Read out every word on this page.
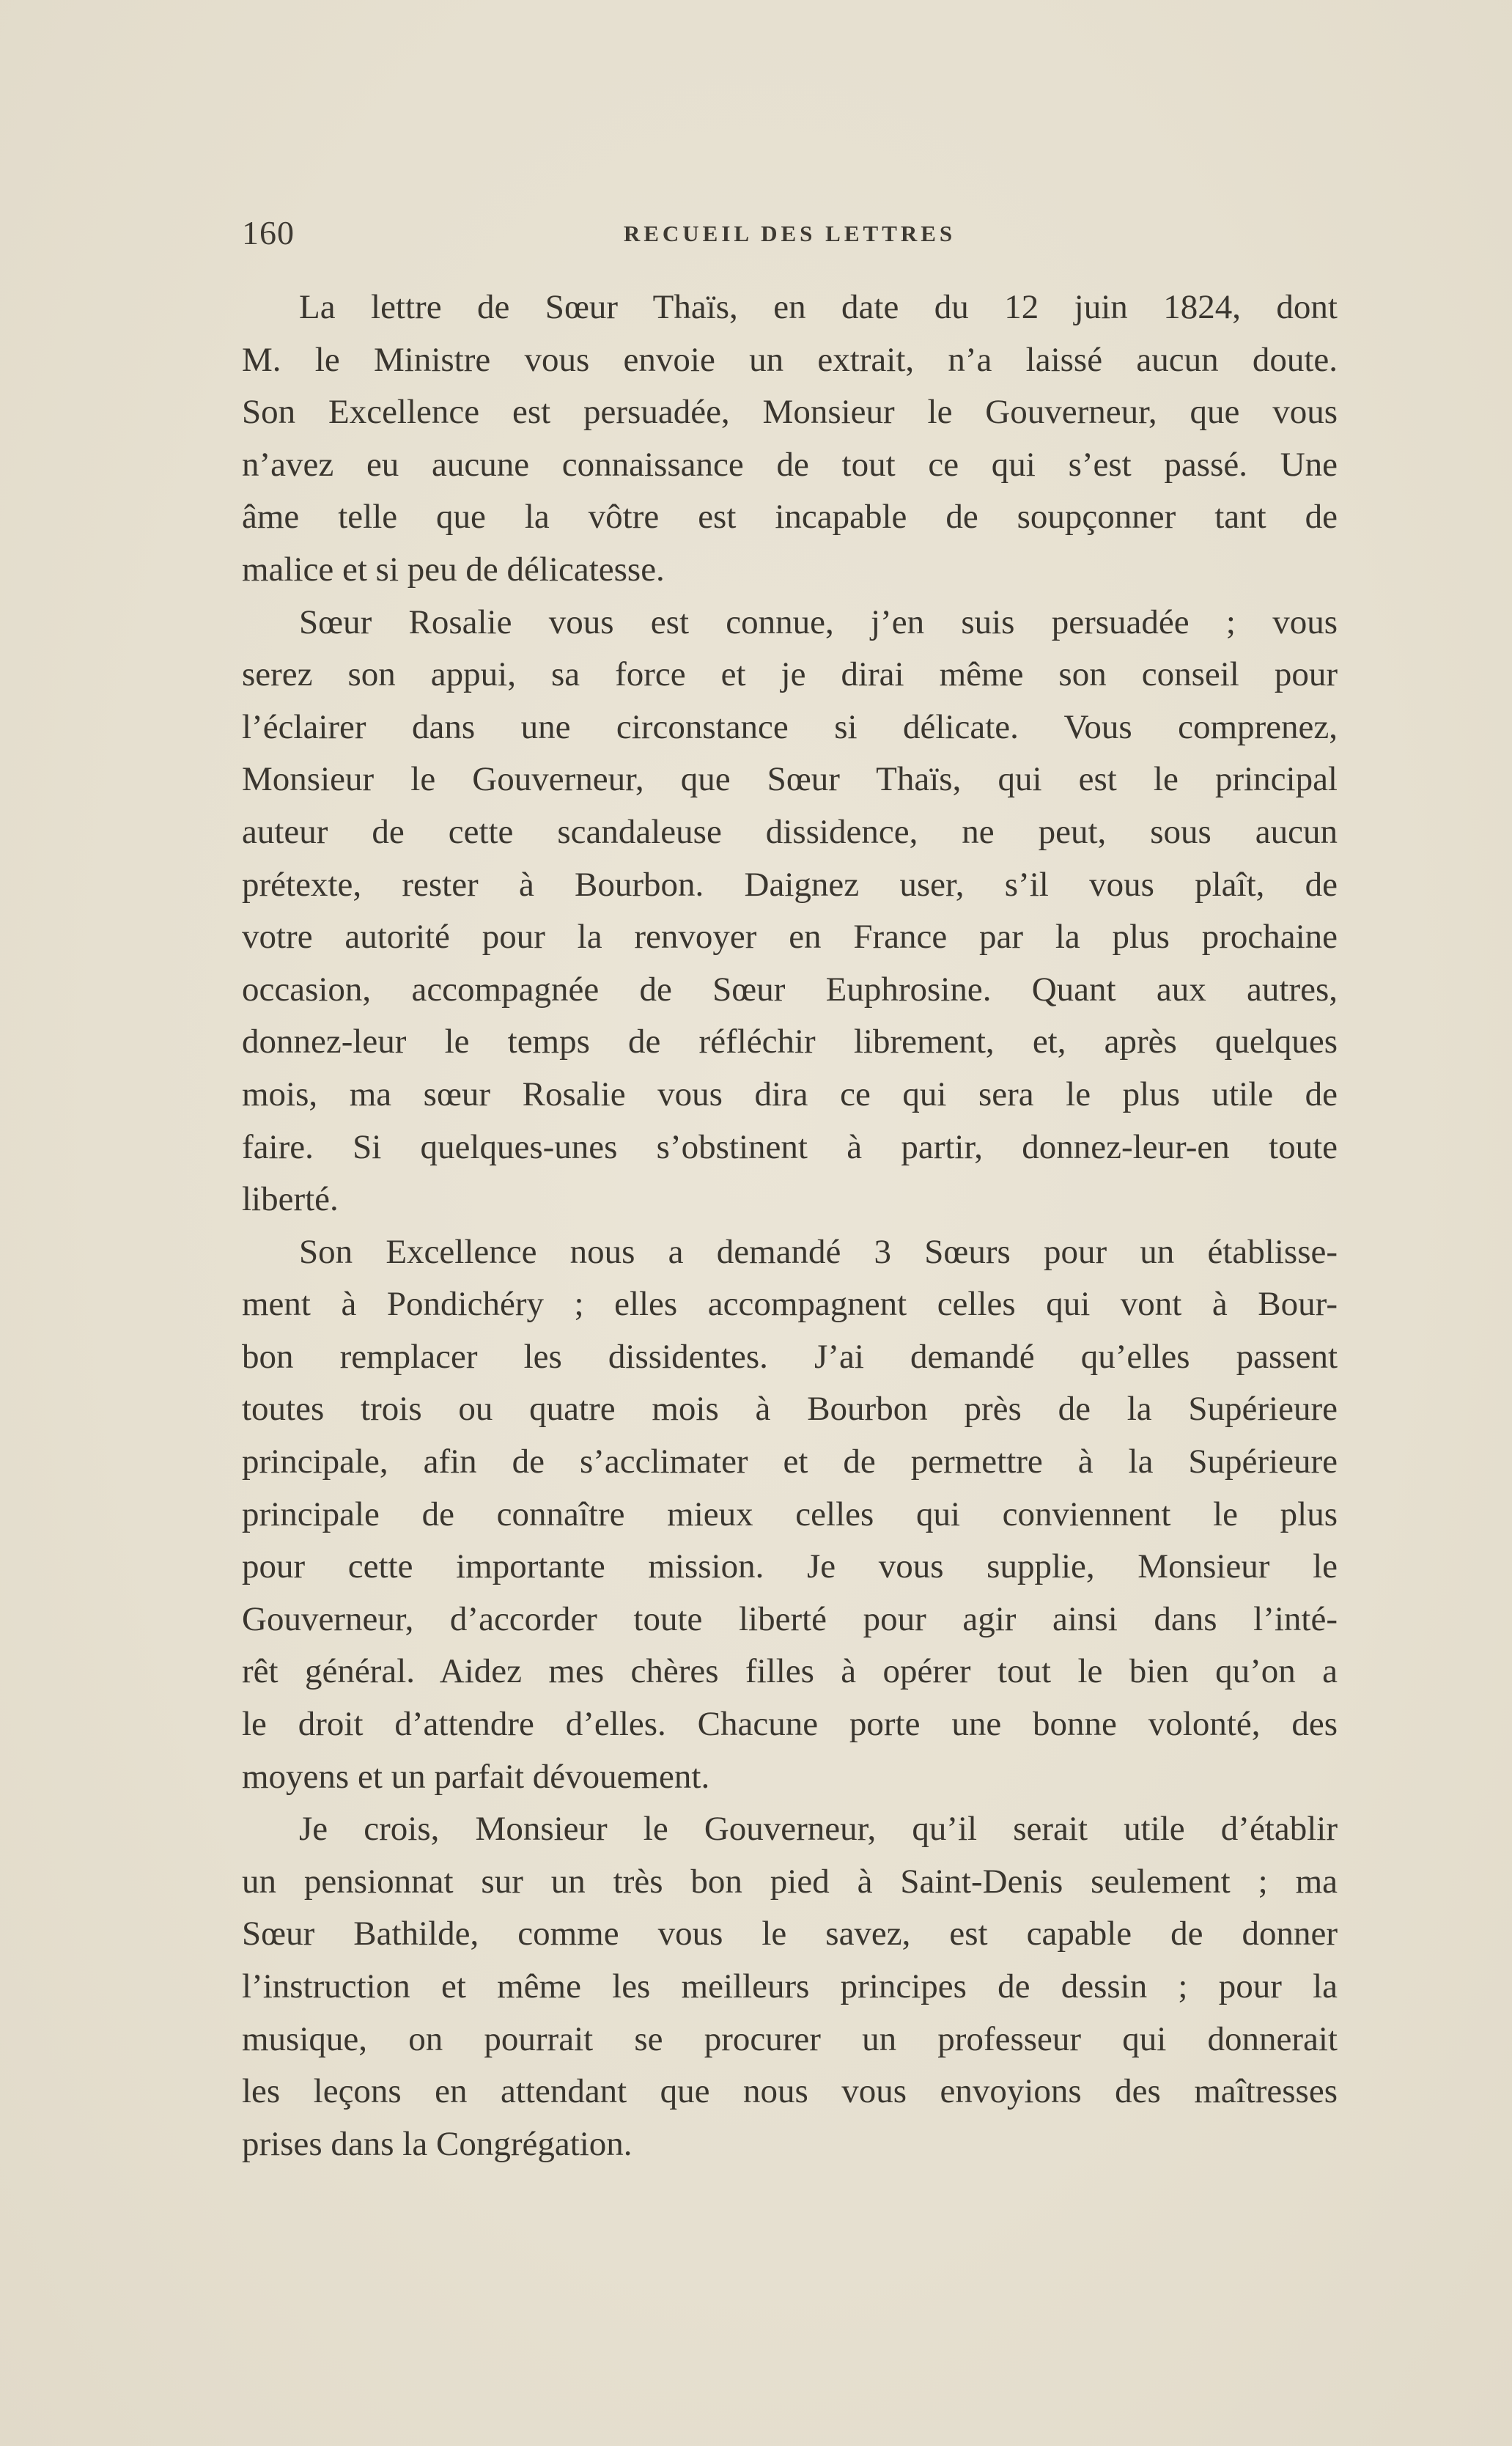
160	RECUEIL DES LETTRES
La lettre de Sœur Thaïs, en date du 12 juin 1824, dont
M. le Ministre vous envoie un extrait, n’a laissé aucun doute.
Son Excellence est persuadée, Monsieur le Gouverneur, que vous
n’avez eu aucune connaissance de tout ce qui s’est passé. Une
âme telle que la vôtre est incapable de soupçonner tant de
malice et si peu de délicatesse.
Sœur Rosalie vous est connue, j’en suis persuadée ; vous
serez son appui, sa force et je dirai même son conseil pour
l’éclairer dans une circonstance si délicate. Vous comprenez,
Monsieur le Gouverneur, que Sœur Thaïs, qui est le principal
auteur de cette scandaleuse dissidence, ne peut, sous aucun
prétexte, rester à Bourbon. Daignez user, s’il vous plaît, de
votre autorité pour la renvoyer en France par la plus prochaine
occasion, accompagnée de Sœur Euphrosine. Quant aux autres,
donnez-leur le temps de réfléchir librement, et, après quelques
mois, ma sœur Rosalie vous dira ce qui sera le plus utile de
faire. Si quelques-unes s’obstinent à partir, donnez-leur-en toute
liberté.
Son Excellence nous a demandé 3 Sœurs pour un établisse-
ment à Pondichéry ; elles accompagnent celles qui vont à Bour-
bon remplacer les dissidentes. J’ai demandé qu’elles passent
toutes trois ou quatre mois à Bourbon près de la Supérieure
principale, afin de s’acclimater et de permettre à la Supérieure
principale de connaître mieux celles qui conviennent le plus
pour cette importante mission. Je vous supplie, Monsieur le
Gouverneur, d’accorder toute liberté pour agir ainsi dans l’inté-
rêt général. Aidez mes chères filles à opérer tout le bien qu’on a
le droit d’attendre d’elles. Chacune porte une bonne volonté, des
moyens et un parfait dévouement.
Je crois, Monsieur le Gouverneur, qu’il serait utile d’établir
un pensionnat sur un très bon pied à Saint-Denis seulement ; ma
Sœur Bathilde, comme vous le savez, est capable de donner
l’instruction et même les meilleurs principes de dessin ; pour la
musique, on pourrait se procurer un professeur qui donnerait
les leçons en attendant que nous vous envoyions des maîtresses
prises dans la Congrégation.
